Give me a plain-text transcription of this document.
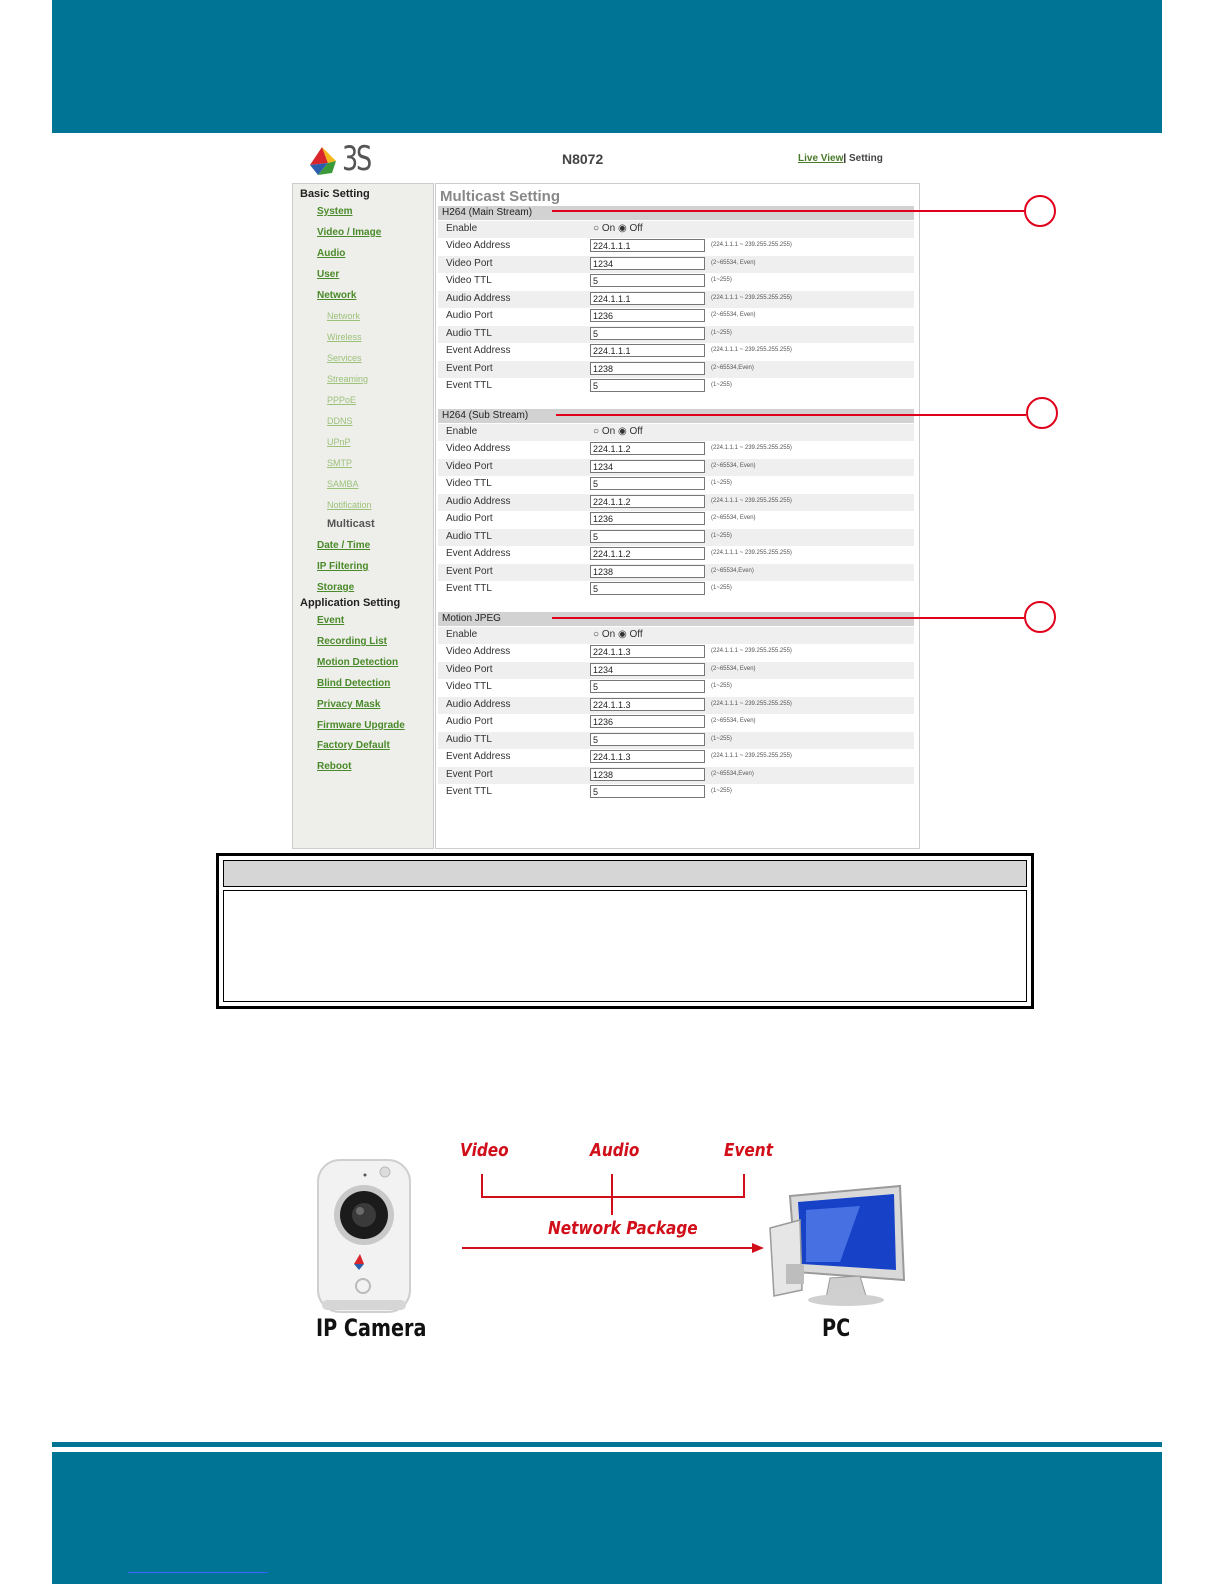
3S	N8072	Live View| Setting
Basic Setting
System
Video / Image
Audio
User
Network
Network
Wireless
Services
Streaming
PPPoE
DDNS
UPnP
SMTP
SAMBA
Notification
Multicast
Date / Time
IP Filtering
Storage
Application Setting
Event
Recording List
Motion Detection
Blind Detection
Privacy Mask
Firmware Upgrade
Factory Default
Reboot
Multicast Setting
H264 (Main Stream)
Enable	○ On ◉ Off
Video Address	224.1.1.1	(224.1.1.1 ~ 239.255.255.255)
Video Port	1234	(2~65534, Even)
Video TTL	5	(1~255)
Audio Address	224.1.1.1	(224.1.1.1 ~ 239.255.255.255)
Audio Port	1236	(2~65534, Even)
Audio TTL	5	(1~255)
Event Address	224.1.1.1	(224.1.1.1 ~ 239.255.255.255)
Event Port	1238	(2~65534,Even)
Event TTL	5	(1~255)
H264 (Sub Stream)
Enable	○ On ◉ Off
Video Address	224.1.1.2	(224.1.1.1 ~ 239.255.255.255)
Video Port	1234	(2~65534, Even)
Video TTL	5	(1~255)
Audio Address	224.1.1.2	(224.1.1.1 ~ 239.255.255.255)
Audio Port	1236	(2~65534, Even)
Audio TTL	5	(1~255)
Event Address	224.1.1.2	(224.1.1.1 ~ 239.255.255.255)
Event Port	1238	(2~65534,Even)
Event TTL	5	(1~255)
Motion JPEG
Enable	○ On ◉ Off
Video Address	224.1.1.3	(224.1.1.1 ~ 239.255.255.255)
Video Port	1234	(2~65534, Even)
Video TTL	5	(1~255)
Audio Address	224.1.1.3	(224.1.1.1 ~ 239.255.255.255)
Audio Port	1236	(2~65534, Even)
Audio TTL	5	(1~255)
Event Address	224.1.1.3	(224.1.1.1 ~ 239.255.255.255)
Event Port	1238	(2~65534,Even)
Event TTL	5	(1~255)
Video	Audio	Event
Network Package
IP Camera	PC
